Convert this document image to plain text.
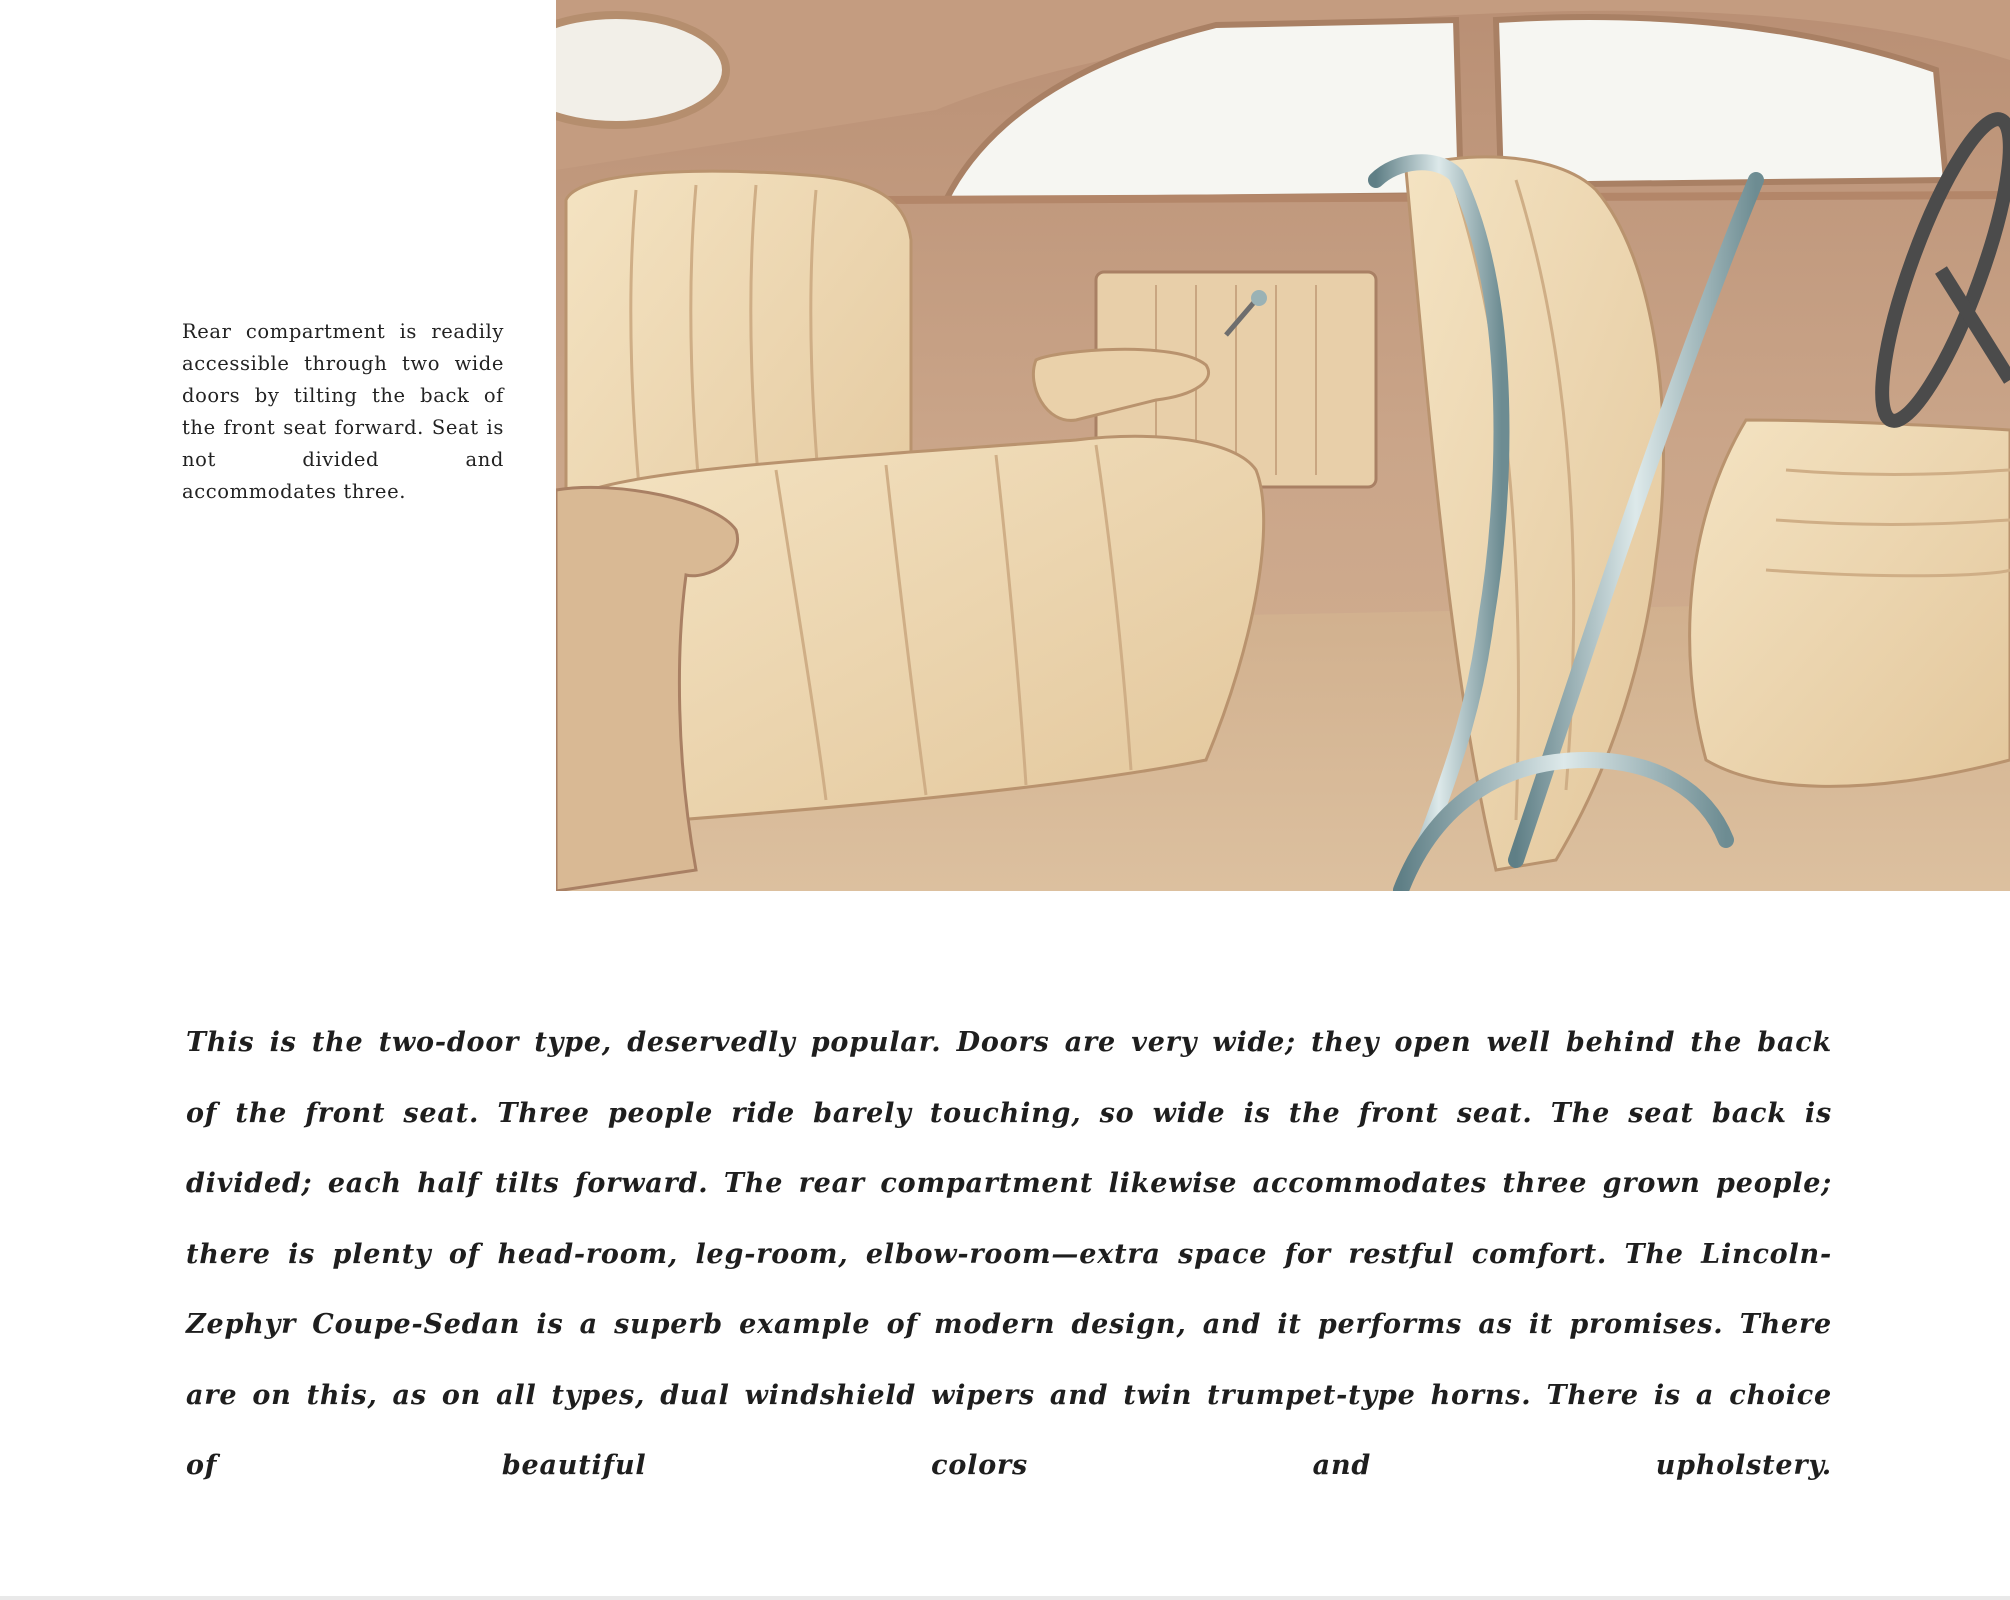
Rear compartment is readily accessible through two wide doors by tilting the back of the front seat forward. Seat is not divided and accommodates three.
This is the two-door type, deservedly popular. Doors are very wide; they open well behind the back of the front seat. Three people ride barely touching, so wide is the front seat. The seat back is divided; each half tilts forward. The rear compartment likewise accommodates three grown people; there is plenty of head-room, leg-room, elbow-room—extra space for restful comfort. The Lincoln-Zephyr Coupe-Sedan is a superb example of modern design, and it performs as it promises. There are on this, as on all types, dual windshield wipers and twin trumpet-type horns. There is a choice of beautiful colors and upholstery.
